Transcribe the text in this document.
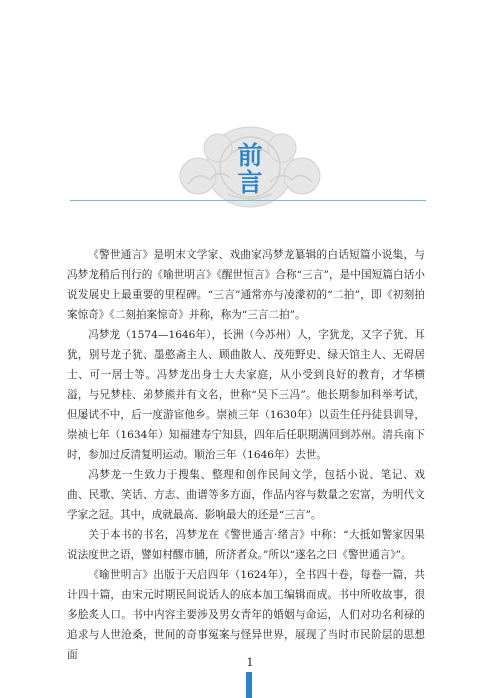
前
言

《警世通言》是明末文学家、戏曲家冯梦龙纂辑的白话短篇小说集，与冯梦龙稍后刊行的《喻世明言》《醒世恒言》合称“三言”，是中国短篇白话小说发展史上最重要的里程碑。“三言”通常亦与凌濛初的“二拍”，即《初刻拍案惊奇》《二刻拍案惊奇》并称，称为“三言二拍”。

冯梦龙（1574—1646年），长洲（今苏州）人，字犹龙，又字子犹、耳犹，别号龙子犹、墨憨斋主人、顾曲散人、茂苑野史、绿天馆主人、无碍居士、可一居士等。冯梦龙出身士大夫家庭，从小受到良好的教育，才华横溢，与兄梦桂、弟梦熊并有文名，世称“吴下三冯”。他长期参加科举考试，但屡试不中，后一度游宦他乡。崇祯三年（1630年）以贡生任丹徒县训导，崇祯七年（1634年）知福建寿宁知县，四年后任职期满回到苏州。清兵南下时，参加过反清复明运动。顺治三年（1646年）去世。

冯梦龙一生致力于搜集、整理和创作民间文学，包括小说、笔记、戏曲、民歌、笑话、方志、曲谱等多方面，作品内容与数量之宏富，为明代文学家之冠。其中，成就最高、影响最大的还是“三言”。

关于本书的书名，冯梦龙在《警世通言·绪言》中称：“大抵如警家因果说法度世之语，譬如村醪市脯，所济者众。”所以“遂名之曰《警世通言》”。

《喻世明言》出版于天启四年（1624年），全书四十卷，每卷一篇，共计四十篇，由宋元时期民间说话人的底本加工编辑而成。书中所收故事，很多脍炙人口。书中内容主要涉及男女青年的婚姻与命运，人们对功名利禄的追求与人世沧桑，世间的奇事冤案与怪异世界，展现了当时市民阶层的思想面

1
